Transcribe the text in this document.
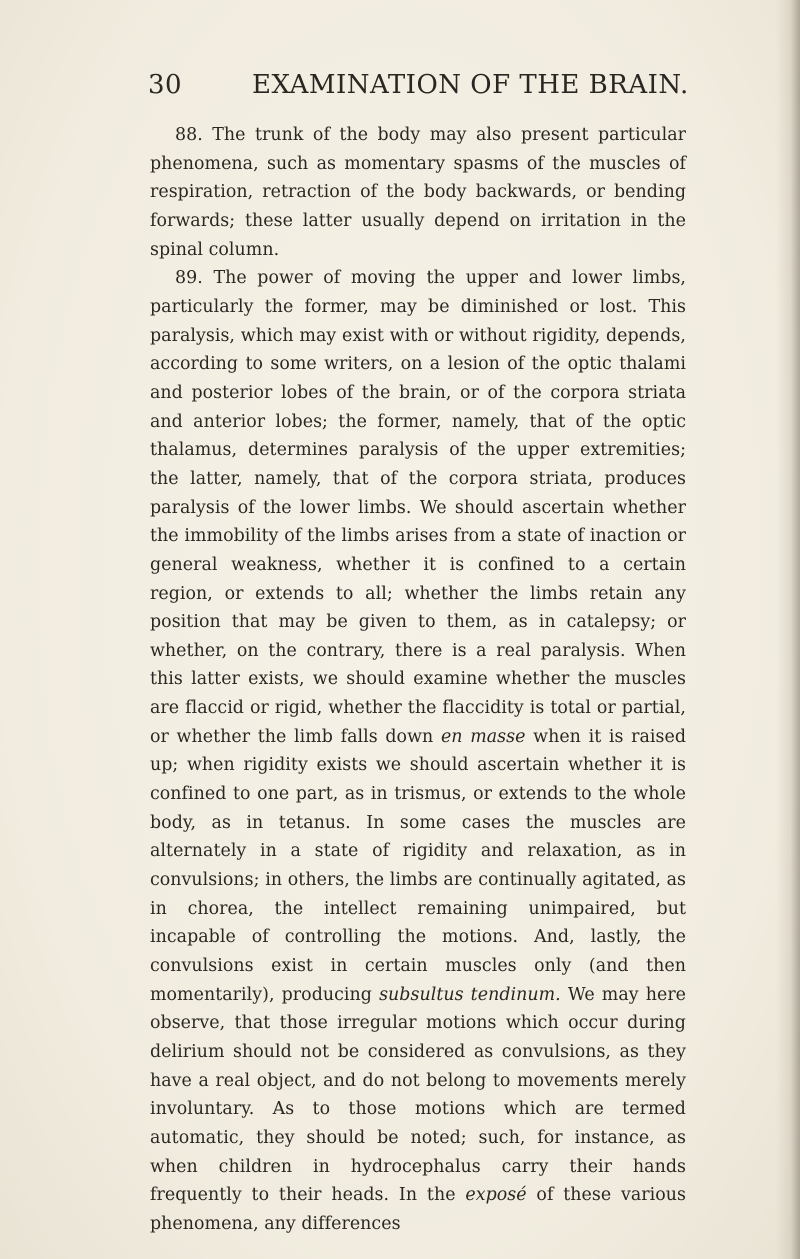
30	EXAMINATION OF THE BRAIN.

88. The trunk of the body may also present particular phenomena, such as momentary spasms of the muscles of respiration, retraction of the body backwards, or bending forwards; these latter usually depend on irritation in the spinal column.

89. The power of moving the upper and lower limbs, particularly the former, may be diminished or lost. This paralysis, which may exist with or without rigidity, depends, according to some writers, on a lesion of the optic thalami and posterior lobes of the brain, or of the corpora striata and anterior lobes; the former, namely, that of the optic thalamus, determines paralysis of the upper extremities; the latter, namely, that of the corpora striata, produces paralysis of the lower limbs. We should ascertain whether the immobility of the limbs arises from a state of inaction or general weakness, whether it is confined to a certain region, or extends to all; whether the limbs retain any position that may be given to them, as in catalepsy; or whether, on the contrary, there is a real paralysis. When this latter exists, we should examine whether the muscles are flaccid or rigid, whether the flaccidity is total or partial, or whether the limb falls down en masse when it is raised up; when rigidity exists we should ascertain whether it is confined to one part, as in trismus, or extends to the whole body, as in tetanus. In some cases the muscles are alternately in a state of rigidity and relaxation, as in convulsions; in others, the limbs are continually agitated, as in chorea, the intellect remaining unimpaired, but incapable of controlling the motions. And, lastly, the convulsions exist in certain muscles only (and then momentarily), producing subsultus tendinum. We may here observe, that those irregular motions which occur during delirium should not be considered as convulsions, as they have a real object, and do not belong to movements merely involuntary. As to those motions which are termed automatic, they should be noted; such, for instance, as when children in hydrocephalus carry their hands frequently to their heads. In the exposé of these various phenomena, any differences
